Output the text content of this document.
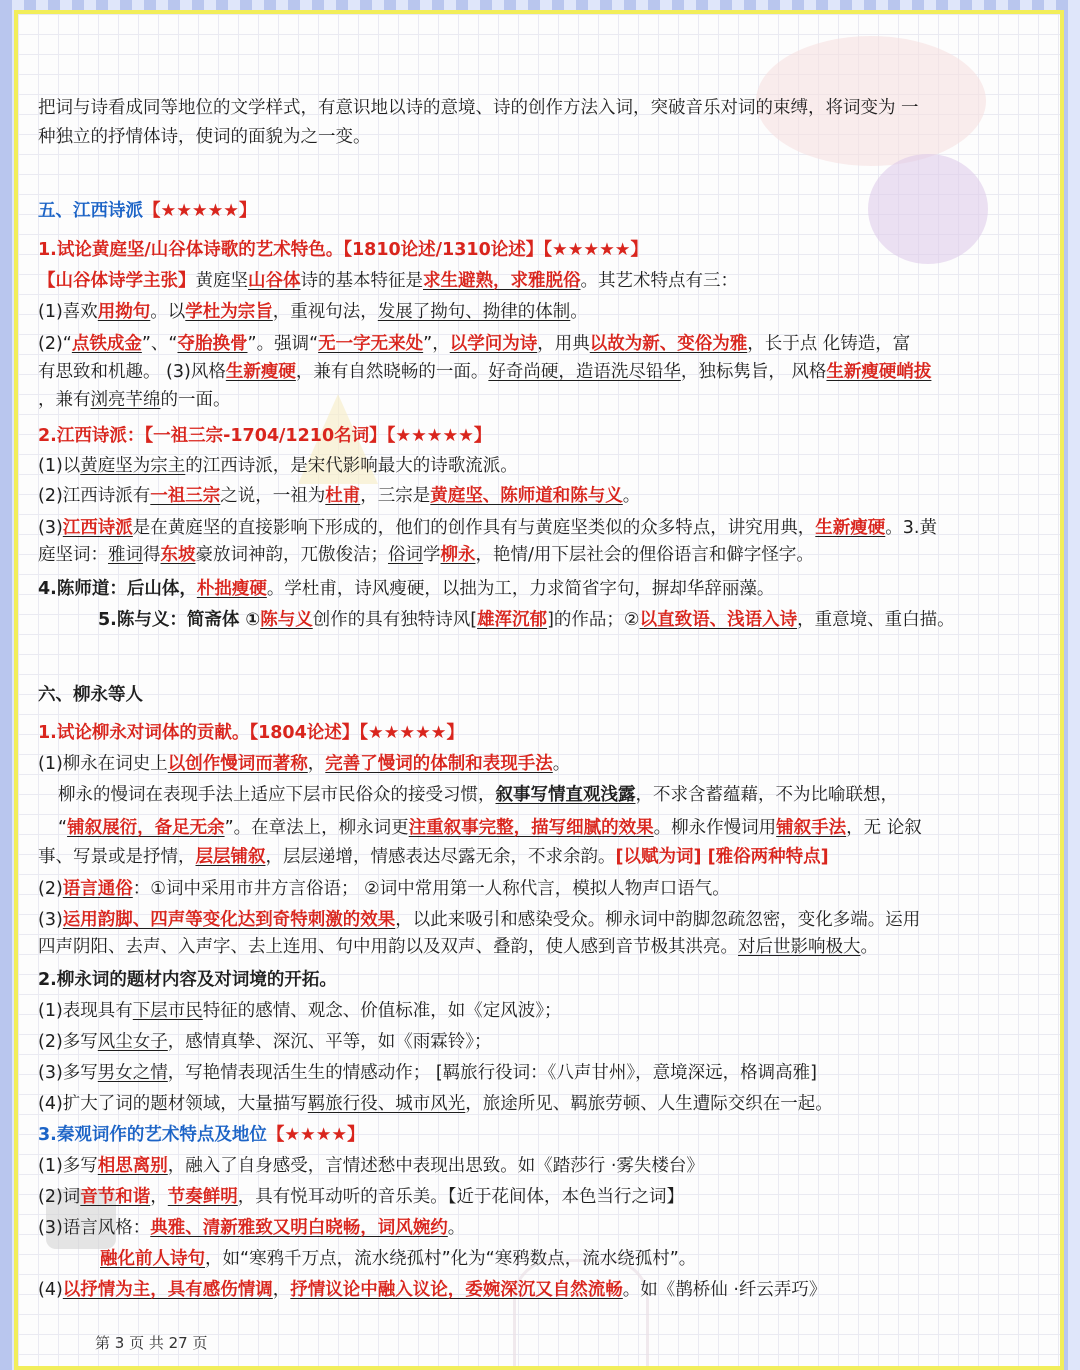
把词与诗看成同等地位的文学样式，有意识地以诗的意境、诗的创作方法入词，突破音乐对词的束缚，将词变为 一
种独立的抒情体诗，使词的面貌为之一变。
五、江西诗派【★★★★★】
1.试论黄庭坚/山谷体诗歌的艺术特色。【1810论述/1310论述】【★★★★★】
【山谷体诗学主张】黄庭坚山谷体诗的基本特征是求生避熟，求雅脱俗。其艺术特点有三：
(1)喜欢用拗句。以学杜为宗旨，重视句法，发展了拗句、拗律的体制。
(2)“点铁成金”、“夺胎换骨”。强调“无一字无来处”，以学问为诗，用典以故为新、变俗为雅，长于点 化铸造，富
有思致和机趣。 (3)风格生新瘦硬，兼有自然晓畅的一面。好奇尚硬，造语洗尽铅华，独标隽旨， 风格生新瘦硬峭拔
，兼有浏亮芊绵的一面。
2.江西诗派：【一祖三宗-1704/1210名词】【★★★★★】
(1)以黄庭坚为宗主的江西诗派，是宋代影响最大的诗歌流派。
(2)江西诗派有一祖三宗之说，一祖为杜甫，三宗是黄庭坚、陈师道和陈与义。
(3)江西诗派是在黄庭坚的直接影响下形成的，他们的创作具有与黄庭坚类似的众多特点，讲究用典，生新瘦硬。3.黄
庭坚词：雅词得东坡豪放词神韵，兀傲俊洁；俗词学柳永，艳情/用下层社会的俚俗语言和僻字怪字。
4.陈师道：后山体，朴拙瘦硬。学杜甫，诗风瘦硬，以拙为工，力求简省字句，摒却华辞丽藻。
5.陈与义：简斋体 ①陈与义创作的具有独特诗风[雄浑沉郁]的作品；②以直致语、浅语入诗，重意境、重白描。
六、柳永等人
1.试论柳永对词体的贡献。【1804论述】【★★★★★】
(1)柳永在词史上以创作慢词而著称，完善了慢词的体制和表现手法。
柳永的慢词在表现手法上适应下层市民俗众的接受习惯，叙事写情直观浅露，不求含蓄蕴藉，不为比喻联想，
“铺叙展衍，备足无余”。在章法上，柳永词更注重叙事完整，描写细腻的效果。柳永作慢词用铺叙手法，无 论叙
事、写景或是抒情，层层铺叙，层层递增，情感表达尽露无余，不求余韵。[以赋为词] [雅俗两种特点]
(2)语言通俗：①词中采用市井方言俗语； ②词中常用第一人称代言，模拟人物声口语气。
(3)运用韵脚、四声等变化达到奇特刺激的效果，以此来吸引和感染受众。柳永词中韵脚忽疏忽密，变化多端。运用
四声阴阳、去声、入声字、去上连用、句中用韵以及双声、叠韵，使人感到音节极其洪亮。对后世影响极大。
2.柳永词的题材内容及对词境的开拓。
(1)表现具有下层市民特征的感情、观念、价值标准，如《定风波》；
(2)多写风尘女子，感情真挚、深沉、平等，如《雨霖铃》；
(3)多写男女之情，写艳情表现活生生的情感动作； [羁旅行役词：《八声甘州》，意境深远，格调高雅]
(4)扩大了词的题材领域，大量描写羁旅行役、城市风光，旅途所见、羁旅劳顿、人生遭际交织在一起。
3.秦观词作的艺术特点及地位【★★★★】
(1)多写相思离别，融入了自身感受，言情述愁中表现出思致。如《踏莎行 ·雾失楼台》
(2)词音节和谐，节奏鲜明，具有悦耳动听的音乐美。【近于花间体，本色当行之词】
(3)语言风格：典雅、清新雅致又明白晓畅，词风婉约。
融化前人诗句，如“寒鸦千万点，流水绕孤村”化为“寒鸦数点，流水绕孤村”。
(4)以抒情为主，具有感伤情调，抒情议论中融入议论，委婉深沉又自然流畅。如《鹊桥仙 ·纤云弄巧》
第 3 页 共 27 页
